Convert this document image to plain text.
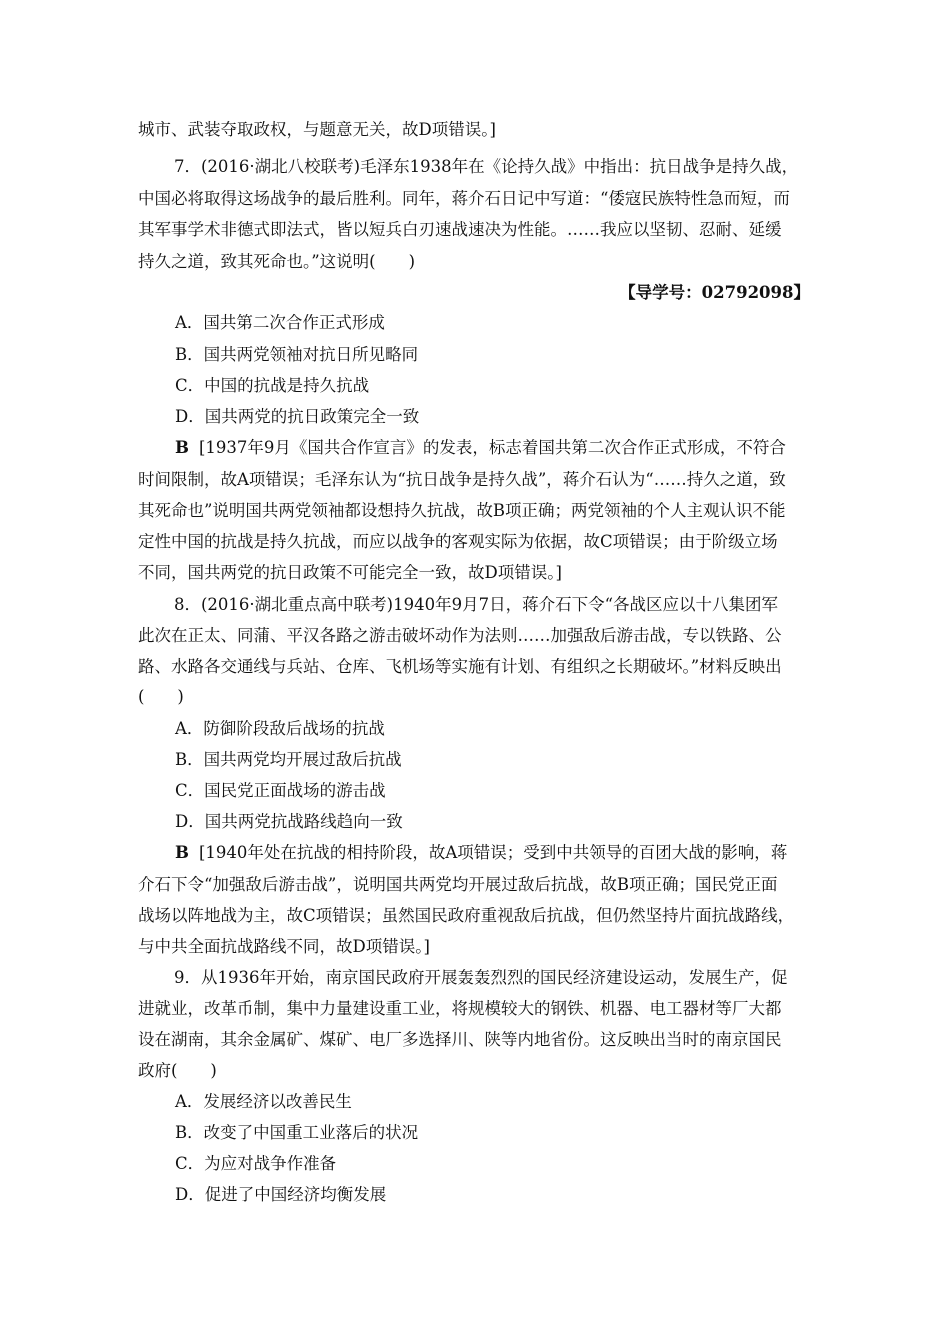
城市、武装夺取政权，与题意无关，故D项错误。]
7．(2016·湖北八校联考)毛泽东1938年在《论持久战》中指出：抗日战争是持久战，
中国必将取得这场战争的最后胜利。同年，蒋介石日记中写道：“倭寇民族特性急而短，而
其军事学术非德式即法式，皆以短兵白刃速战速决为性能。……我应以坚韧、忍耐、延缓
持久之道，致其死命也。”这说明(　　)
【导学号：02792098】
A．国共第二次合作正式形成
B．国共两党领袖对抗日所见略同
C．中国的抗战是持久抗战
D．国共两党的抗日政策完全一致
B [1937年9月《国共合作宣言》的发表，标志着国共第二次合作正式形成，不符合
时间限制，故A项错误；毛泽东认为“抗日战争是持久战”，蒋介石认为“……持久之道，致
其死命也”说明国共两党领袖都设想持久抗战，故B项正确；两党领袖的个人主观认识不能
定性中国的抗战是持久抗战，而应以战争的客观实际为依据，故C项错误；由于阶级立场
不同，国共两党的抗日政策不可能完全一致，故D项错误。]
8．(2016·湖北重点高中联考)1940年9月7日，蒋介石下令“各战区应以十八集团军
此次在正太、同蒲、平汉各路之游击破坏动作为法则……加强敌后游击战，专以铁路、公
路、水路各交通线与兵站、仓库、飞机场等实施有计划、有组织之长期破坏。”材料反映出
(　　)
A．防御阶段敌后战场的抗战
B．国共两党均开展过敌后抗战
C．国民党正面战场的游击战
D．国共两党抗战路线趋向一致
B [1940年处在抗战的相持阶段，故A项错误；受到中共领导的百团大战的影响，蒋
介石下令“加强敌后游击战”，说明国共两党均开展过敌后抗战，故B项正确；国民党正面
战场以阵地战为主，故C项错误；虽然国民政府重视敌后抗战，但仍然坚持片面抗战路线，
与中共全面抗战路线不同，故D项错误。]
9．从1936年开始，南京国民政府开展轰轰烈烈的国民经济建设运动，发展生产，促
进就业，改革币制，集中力量建设重工业，将规模较大的钢铁、机器、电工器材等厂大都
设在湖南，其余金属矿、煤矿、电厂多选择川、陕等内地省份。这反映出当时的南京国民
政府(　　)
A．发展经济以改善民生
B．改变了中国重工业落后的状况
C．为应对战争作准备
D．促进了中国经济均衡发展
